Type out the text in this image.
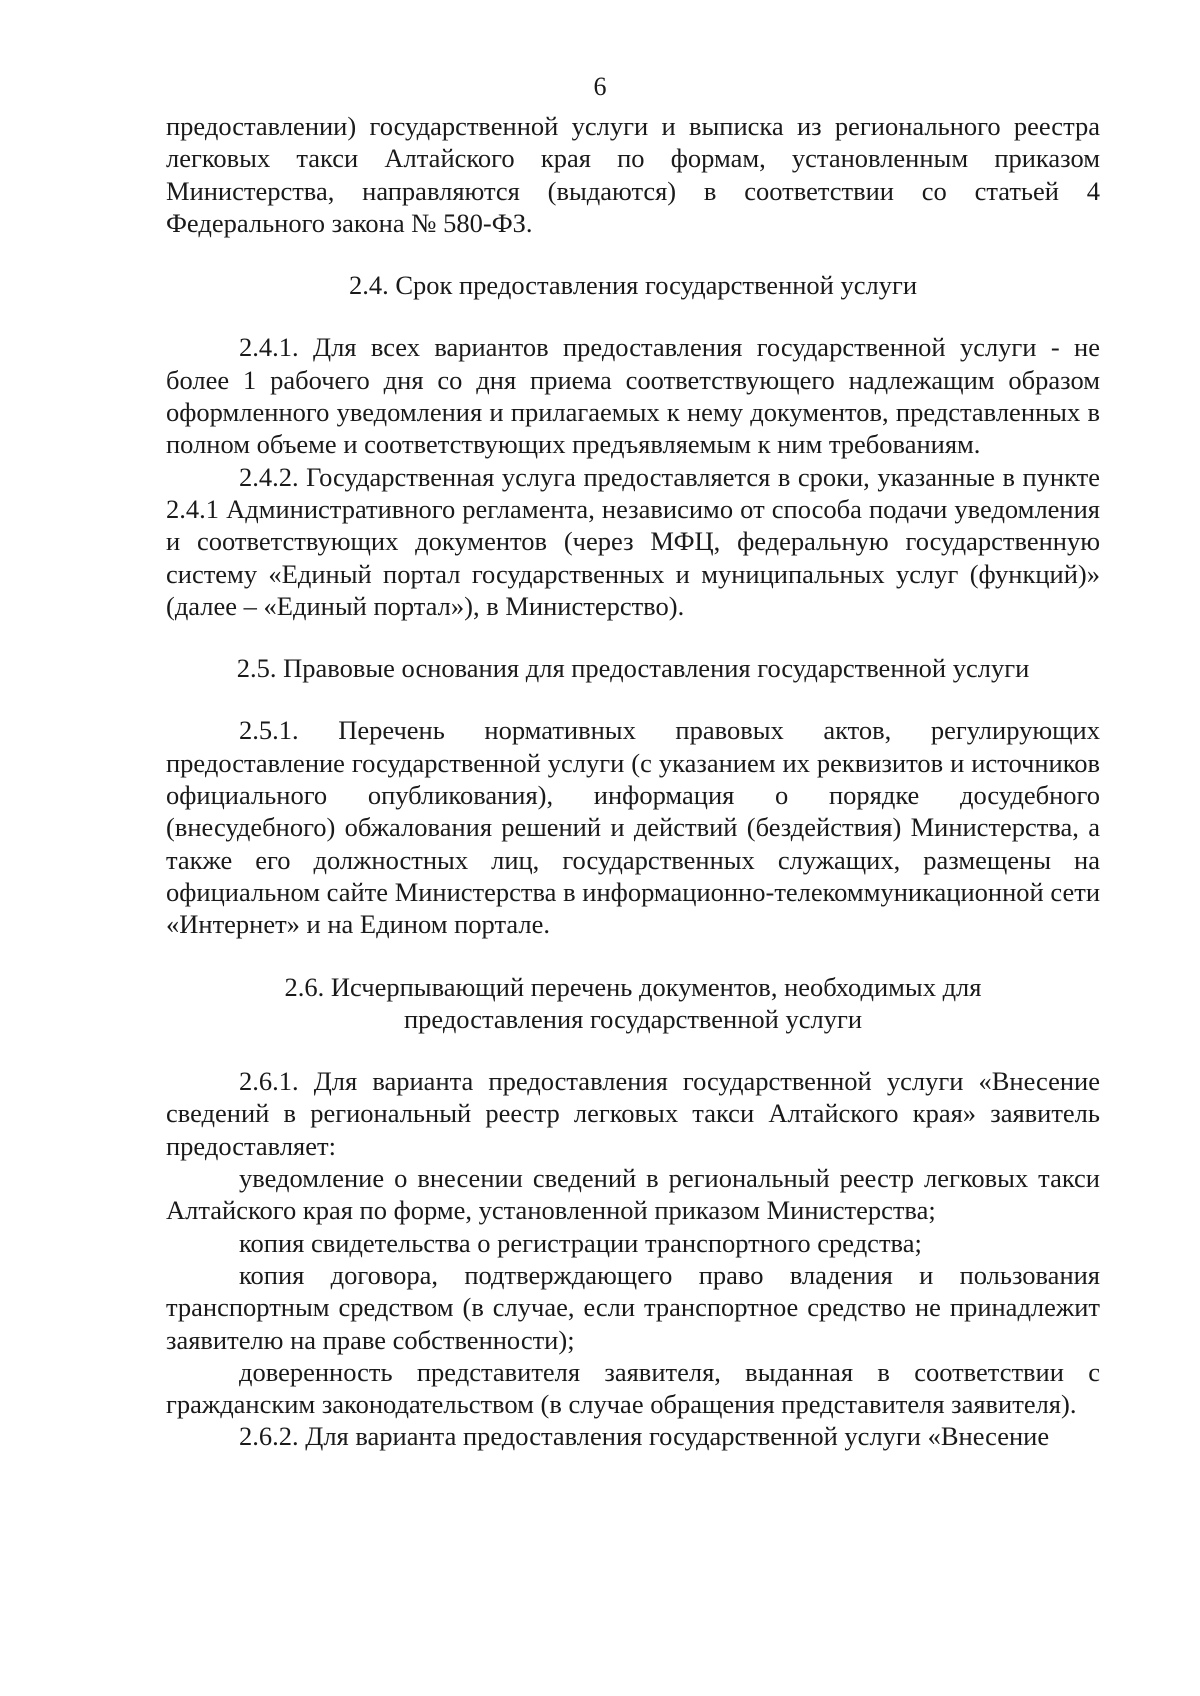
6

предоставлении) государственной услуги и выписка из регионального реестра легковых такси Алтайского края по формам, установленным приказом Министерства, направляются (выдаются) в соответствии со статьей 4 Федерального закона № 580-ФЗ.

2.4. Срок предоставления государственной услуги

2.4.1. Для всех вариантов предоставления государственной услуги - не более 1 рабочего дня со дня приема соответствующего надлежащим образом оформленного уведомления и прилагаемых к нему документов, представленных в полном объеме и соответствующих предъявляемым к ним требованиям.

2.4.2. Государственная услуга предоставляется в сроки, указанные в пункте 2.4.1 Административного регламента, независимо от способа подачи уведомления и соответствующих документов (через МФЦ, федеральную государственную систему «Единый портал государственных и муниципальных услуг (функций)» (далее – «Единый портал»), в Министерство).

2.5. Правовые основания для предоставления государственной услуги

2.5.1. Перечень нормативных правовых актов, регулирующих предоставление государственной услуги (с указанием их реквизитов и источников официального опубликования), информация о порядке досудебного (внесудебного) обжалования решений и действий (бездействия) Министерства, а также его должностных лиц, государственных служащих, размещены на официальном сайте Министерства в информационно-телекоммуникационной сети «Интернет» и на Едином портале.

2.6. Исчерпывающий перечень документов, необходимых для

предоставления государственной услуги

2.6.1. Для варианта предоставления государственной услуги «Внесение сведений в региональный реестр легковых такси Алтайского края» заявитель предоставляет:

уведомление о внесении сведений в региональный реестр легковых такси Алтайского края по форме, установленной приказом Министерства;

копия свидетельства о регистрации транспортного средства;

копия договора, подтверждающего право владения и пользования транспортным средством (в случае, если транспортное средство не принадлежит заявителю на праве собственности);

доверенность представителя заявителя, выданная в соответствии с гражданским законодательством (в случае обращения представителя заявителя).

2.6.2. Для варианта предоставления государственной услуги «Внесение
